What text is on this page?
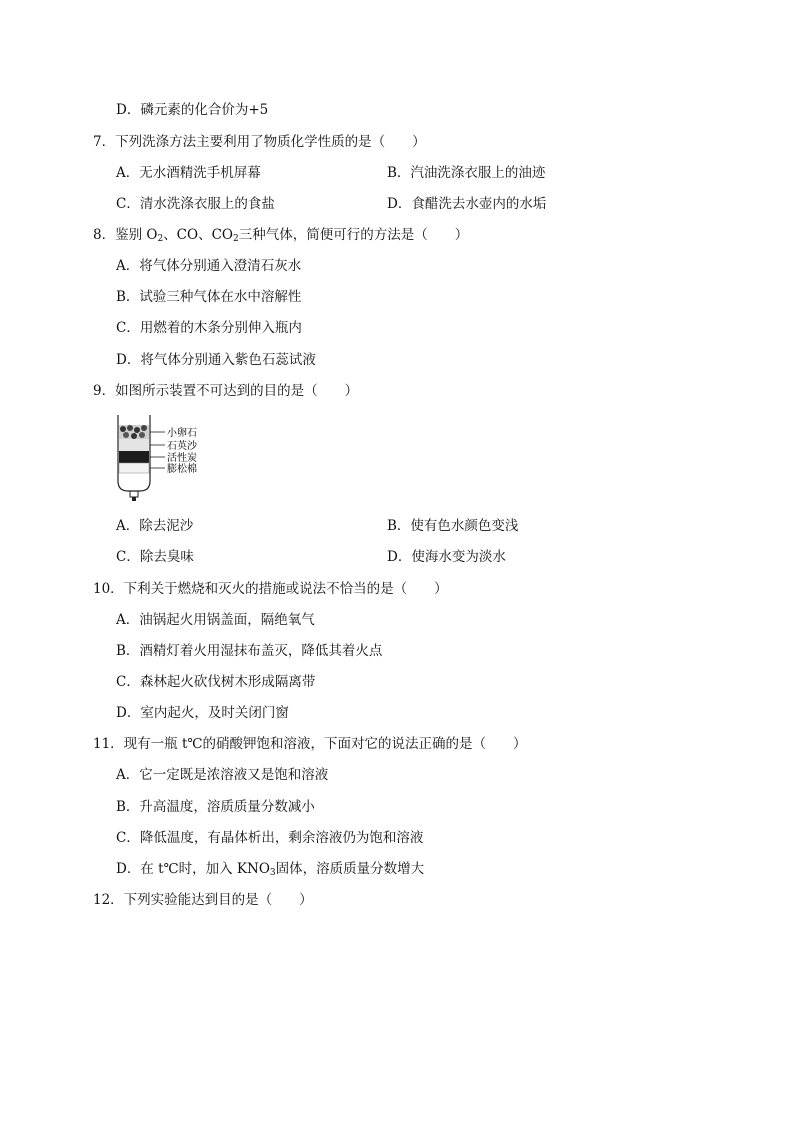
D．磷元素的化合价为+5
7．下列洗涤方法主要利用了物质化学性质的是（　　）
A．无水酒精洗手机屏幕	B．汽油洗涤衣服上的油迹
C．清水洗涤衣服上的食盐	D．食醋洗去水壶内的水垢
8．鉴别 $O_2$、CO、$CO_2$三种气体，简便可行的方法是（　　）
A．将气体分别通入澄清石灰水
B．试验三种气体在水中溶解性
C．用燃着的木条分别伸入瓶内
D．将气体分别通入紫色石蕊试液
9．如图所示装置不可达到的目的是（　　）
小卵石
石英沙
活性炭
膨松棉
A．除去泥沙	B．使有色水颜色变浅
C．除去臭味	D．使海水变为淡水
10．下利关于燃烧和灭火的措施或说法不恰当的是（　　）
A．油锅起火用锅盖面，隔绝氧气
B．酒精灯着火用湿抹布盖灭，降低其着火点
C．森林起火砍伐树木形成隔离带
D．室内起火，及时关闭门窗
11．现有一瓶 t℃的硝酸钾饱和溶液，下面对它的说法正确的是（　　）
A．它一定既是浓溶液又是饱和溶液
B．升高温度，溶质质量分数减小
C．降低温度，有晶体析出，剩余溶液仍为饱和溶液
D．在 t℃时，加入 $KNO_3$固体，溶质质量分数增大
12．下列实验能达到目的是（　　）
